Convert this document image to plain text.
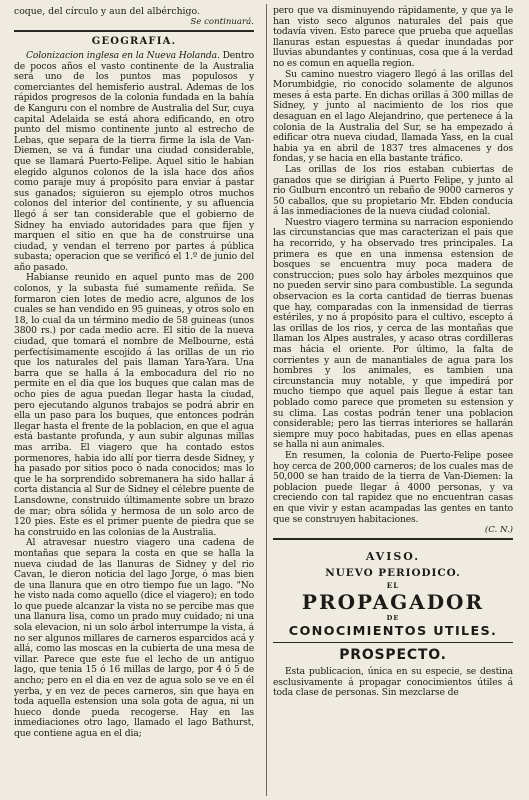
coque, del círculo y aun del albérchigo.

Se continuará.

GEOGRAFIA.

Colonizacion inglesa en la Nueva Holanda. Dentro de pocos años el vasto continente de la Australia será uno de los puntos mas populosos y comerciantes del hemisferio austral. Ademas de los rápidos progresos de la colonia fundada en la bahía de Kanguru con el nombre de Australia del Sur, cuya capital Adelaida se está ahora edificando, en otro punto del mismo continente junto al estrecho de Lebas, que separa de la tierra firme la isla de Van-Diemen, se va á fundar una ciudad considerable, que se llamará Puerto-Felipe. Aquel sitio le habian elegido algunos colonos de la isla hace dos años como paraje muy á propósito para enviar á pastar sus ganados; siguieron su ejemplo otros muchos colonos del interior del continente, y su afluencia llegó á ser tan considerable que el gobierno de Sidney ha enviado autoridades para que fijen y marquen el sitio en que ha de construirse una ciudad, y vendan el terreno por partes á pública subasta; operacion que se verificó el 1.º de junio del año pasado.

Habianse reunido en aquel punto mas de 200 colonos, y la subasta fué sumamente reñida. Se formaron cien lotes de medio acre, algunos de los cuales se han vendido en 95 guineas, y otros solo en 18, lo cual da un término medio de 58 guineas (unos 3800 rs.) por cada medio acre. El sitio de la nueva ciudad, que tomará el nombre de Melbourne, está perfectísimamente escojido á las orillas de un rio que los naturales del pais llaman Yara-Yara. Una barra que se halla á la embocadura del rio no permite en el dia que los buques que calan mas de ocho pies de agua puedan llegar hasta la ciudad, pero ejecutando algunos trabajos se podrá abrir en ella un paso para los buques, que entonces podrán llegar hasta el frente de la poblacion, en que el agua está bastante profunda, y aun subir algunas millas mas arriba. El viagero que ha contado estos pormenores, habia ido allí por tierra desde Sidney, y ha pasado por sitios poco ó nada conocidos; mas lo que le ha sorprendido sobremanera ha sido hallar á corta distancia al Sur de Sidney el célebre puente de Lansdowne, construido últimamente sobre un brazo de mar; obra sólida y hermosa de un solo arco de 120 pies. Este es el primer puente de piedra que se ha construido en las colonias de la Australia.

Al atravesar nuestro viagero una cadena de montañas que separa la costa en que se halla la nueva ciudad de las llanuras de Sidney y del rio Cavan, le dieron noticia del lago Jorge, ó mas bien de una llanura que en otro tiempo fue un lago. "No he visto nada como aquello (dice el viagero); en todo lo que puede alcanzar la vista no se percibe mas que una llanura lisa, como un prado muy cuidado; ni una sola elevacion, ni un solo árbol interrumpe la vista, á no ser algunos millares de carneros esparcidos acá y allá, como las moscas en la cubierta de una mesa de villar. Parece que este fue el lecho de un antiguo lago, que tenia 15 ó 16 millas de largo, por 4 ó 5 de ancho; pero en el dia en vez de agua solo se ve en él yerba, y en vez de peces carneros, sin que haya en toda aquella estension una sola gota de agua, ni un hueco donde pueda recogerse. Hay en las inmediaciones otro lago, llamado el lago Bathurst, que contiene agua en el dia;

pero que va disminuyendo rápidamente, y que ya le han visto seco algunos naturales del pais que todavía viven. Esto parece que prueba que aquellas llanuras estan espuestas á quedar inundadas por lluvias abundantes y continuas, cosa que á la verdad no es comun en aquella region.

Su camino nuestro viagero llegó á las orillas del Morumbidgie, rio conocido solamente de algunos meses á esta parte. En dichas orillas á 300 millas de Sidney, y junto al nacimiento de los rios que desaguan en el lago Alejandrino, que pertenece á la colonia de la Australia del Sur, se ha empezado á edificar otra nueva ciudad, llamada Yass, en la cual habia ya en abril de 1837 tres almacenes y dos fondas, y se hacia en ella bastante tráfico.

Las orillas de los rios estaban cubiertas de ganados que se dirigian á Puerto Felipe, y junto al rio Gulburn encontró un rebaño de 9000 carneros y 50 caballos, que su propietario Mr. Ebden conducia á las inmediaciones de la nueva ciudad colonial.

Nuestro viagero termina su narracion esponiendo las circunstancias que mas caracterizan el pais que ha recorrido, y ha observado tres principales. La primera es que en una inmensa estension de bosques se encuentra muy poca madera de construccion; pues solo hay árboles mezquinos que no pueden servir sino para combustible. La segunda observacion es la corta cantidad de tierras buenas que hay, comparadas con la inmensidad de tierras estériles, y no á propósito para el cultivo, escepto á las orillas de los rios, y cerca de las montañas que llaman los Alpes australes, y acaso otras cordilleras mas hácia el oriente. Por último, la falta de corrientes y aun de manantiales de agua para los hombres y los animales, es tambien una circunstancia muy notable, y que impedirá por mucho tiempo que aquel pais llegue á estar tan poblado como parece que prometen su estension y su clima. Las costas podrán tener una poblacion considerable; pero las tierras interiores se hallarán siempre muy poco habitadas, pues en ellas apenas se halla ni aun animales.

En resumen, la colonia de Puerto-Felipe posee hoy cerca de 200,000 carneros; de los cuales mas de 50,000 se han traido de la tierra de Van-Diemen: la poblacion puede llegar á 4000 personas, y va creciendo con tal rapidez que no encuentran casas en que vivir y estan acampadas las gentes en tanto que se construyen habitaciones.

(C. N.)

AVISO.
NUEVO PERIODICO.
EL
PROPAGADOR
DE
CONOCIMIENTOS UTILES.
PROSPECTO.

Esta publicacion, única en su especie, se destina esclusivamente á propagar conocimientos útiles á toda clase de personas. Sin mezclarse de
